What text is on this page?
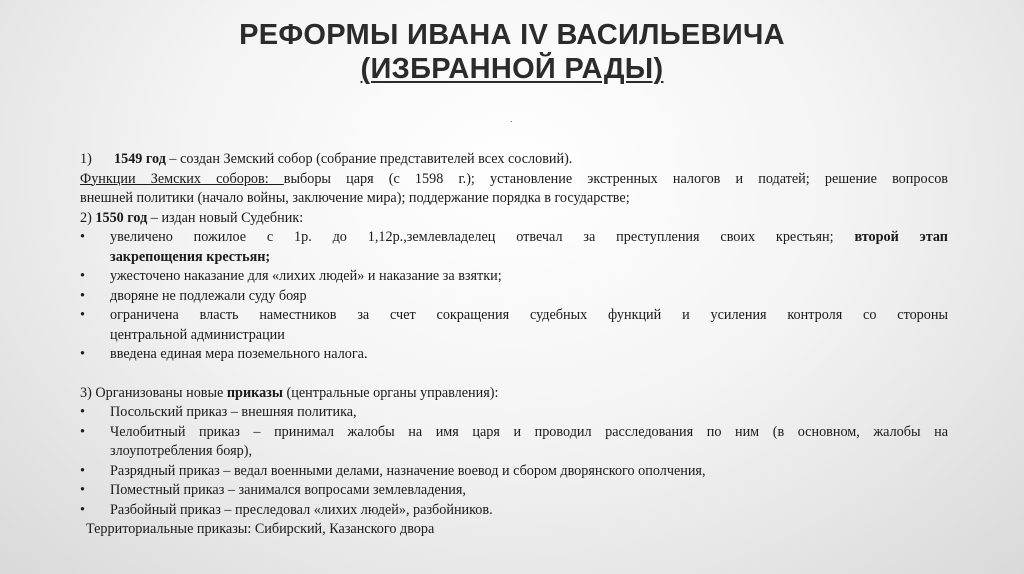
РЕФОРМЫ ИВАНА IV ВАСИЛЬЕВИЧА
(ИЗБРАННОЙ РАДЫ)
.

1) 1549 год – создан Земский собор (собрание представителей всех сословий).

Функции Земских соборов: выборы царя (с 1598 г.); установление экстренных налогов и податей; решение вопросов

внешней политики (начало войны, заключение мира); поддержание порядка в государстве;

2) 1550 год – издан новый Судебник:

•	увеличено пожилое с 1р. до 1,12р.,землевладелец отвечал за преступления своих крестьян; второй этап

закрепощения крестьян;

•	ужесточено наказание для «лихих людей» и наказание за взятки;

•	дворяне не подлежали суду бояр

•	ограничена власть наместников за счет сокращения судебных функций и усиления контроля со стороны

центральной администрации

•	введена единая мера поземельного налога.

3) Организованы новые приказы (центральные органы управления):

•	Посольский приказ – внешняя политика,

•	Челобитный приказ – принимал жалобы на имя царя и проводил расследования по ним (в основном, жалобы на

злоупотребления бояр),

•	Разрядный приказ – ведал военными делами, назначение воевод и сбором дворянского ополчения,

•	Поместный приказ – занимался вопросами землевладения,

•	Разбойный приказ – преследовал «лихих людей», разбойников.

Территориальные приказы: Сибирский, Казанского двора
